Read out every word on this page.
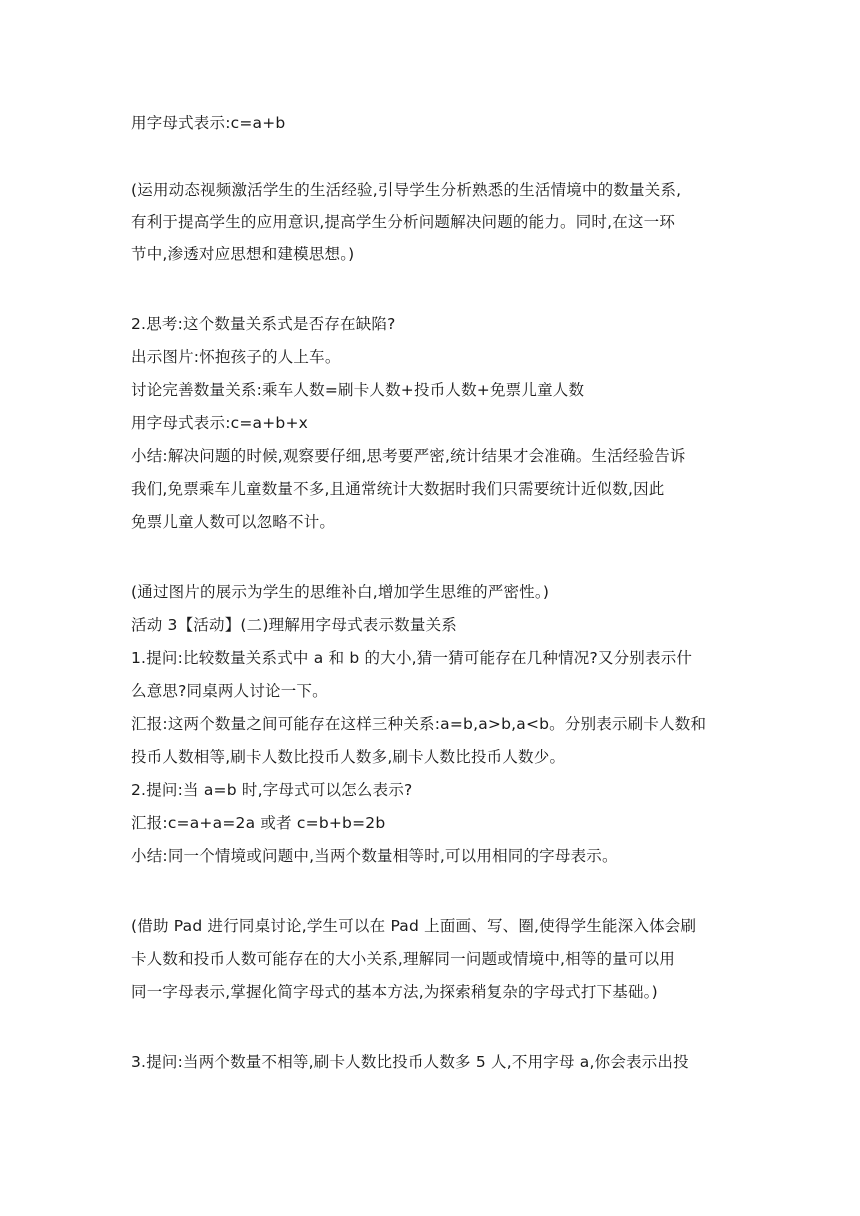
用字母式表示:c=a+b
(运用动态视频激活学生的生活经验,引导学生分析熟悉的生活情境中的数量关系,
有利于提高学生的应用意识,提高学生分析问题解决问题的能力。同时,在这一环
节中,渗透对应思想和建模思想。)
2.思考:这个数量关系式是否存在缺陷?
出示图片:怀抱孩子的人上车。
讨论完善数量关系:乘车人数=刷卡人数+投币人数+免票儿童人数
用字母式表示:c=a+b+x
小结:解决问题的时候,观察要仔细,思考要严密,统计结果才会准确。生活经验告诉
我们,免票乘车儿童数量不多,且通常统计大数据时我们只需要统计近似数,因此
免票儿童人数可以忽略不计。
(通过图片的展示为学生的思维补白,增加学生思维的严密性。)
活动 3【活动】(二)理解用字母式表示数量关系
1.提问:比较数量关系式中 a 和 b 的大小,猜一猜可能存在几种情况?又分别表示什
么意思?同桌两人讨论一下。
汇报:这两个数量之间可能存在这样三种关系:a=b,a>b,a<b。分别表示刷卡人数和
投币人数相等,刷卡人数比投币人数多,刷卡人数比投币人数少。
2.提问:当 a=b 时,字母式可以怎么表示?
汇报:c=a+a=2a 或者 c=b+b=2b
小结:同一个情境或问题中,当两个数量相等时,可以用相同的字母表示。
(借助 Pad 进行同桌讨论,学生可以在 Pad 上面画、写、圈,使得学生能深入体会刷
卡人数和投币人数可能存在的大小关系,理解同一问题或情境中,相等的量可以用
同一字母表示,掌握化简字母式的基本方法,为探索稍复杂的字母式打下基础。)
3.提问:当两个数量不相等,刷卡人数比投币人数多 5 人,不用字母 a,你会表示出投
